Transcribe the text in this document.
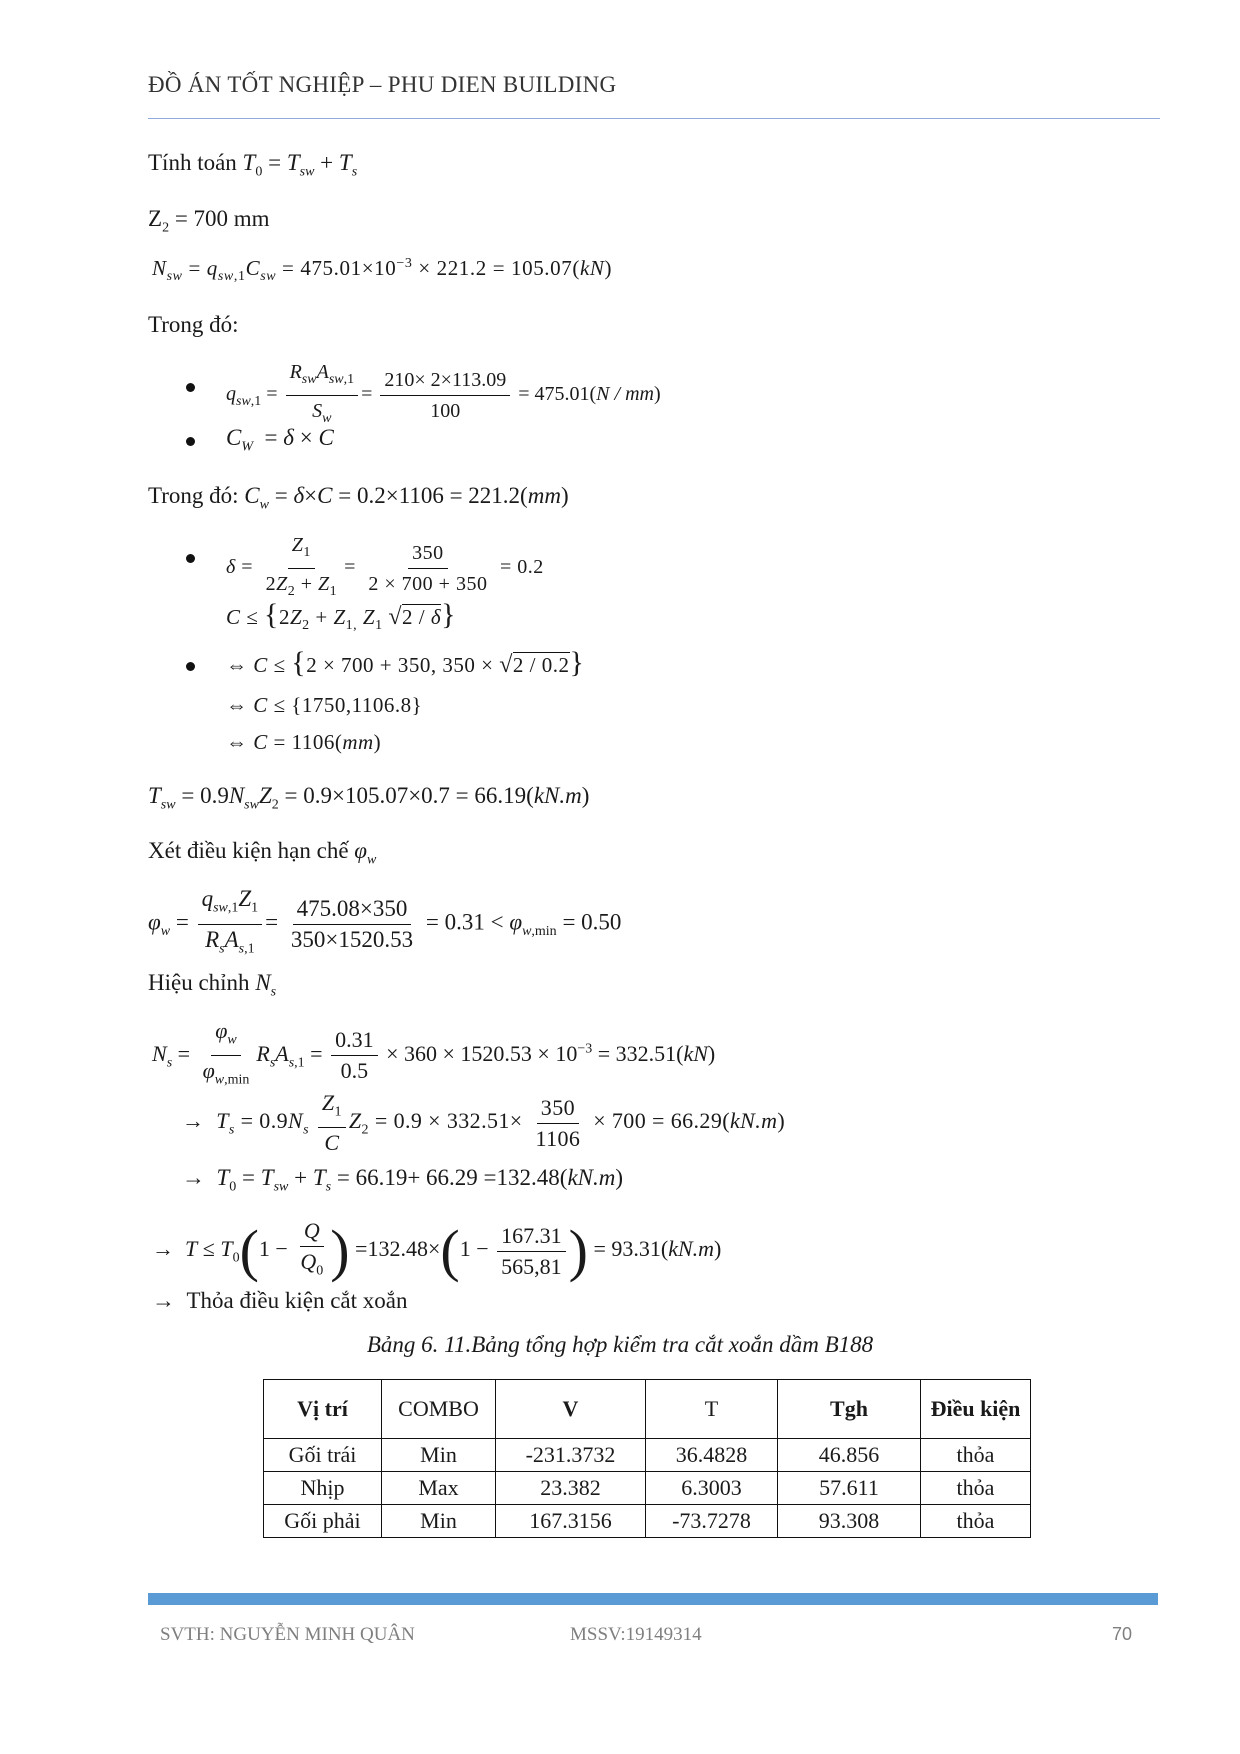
ĐỒ ÁN TỐT NGHIỆP – PHU DIEN BUILDING
Tính toán $T_0 = T_{sw} + T_s$
$Z_2 = 700$ mm
$N_{sw} = q_{sw,1}C_{sw} = 475.01\times 10^{-3} \times 221.2 = 105.07(kN)$
Trong đó:
$q_{sw,1} = \frac{R_{sw}A_{sw,1}}{S_w} = \frac{210\times 2\times 113.09}{100} = 475.01(N / mm)$
$C_W = \delta \times C$
Trong đó: $C_w = \delta\times C = 0.2\times 1106 = 221.2(mm)$
$\delta = \frac{Z_1}{2Z_2 + Z_1} = \frac{350}{2 \times 700 + 350} = 0.2$
$C \le \{2Z_2 + Z_{1,}$ $Z_1$ √2 / δ}
⇔ C ≤ {2 × 700 + 350, 350 × √2 / 0.2}
⇔ C ≤ {1750,1106.8}
⇔ C = 1106(mm)
$T_{sw} = 0.9N_{sw}Z_2 = 0.9\times 105.07\times 0.7 = 66.19(kN.m)$
Xét điều kiện hạn chế $\varphi_w$
$\varphi_w = \frac{q_{sw,1}Z_1}{R_sA_{s,1}} = \frac{475.08\times 350}{350\times 1520.53} = 0.31 < \varphi_{w,min} = 0.50$
Hiệu chỉnh $N_s$
$N_s = \frac{\varphi_w}{\varphi_{w,min}} R_sA_{s,1} = \frac{0.31}{0.5} \times 360 \times 1520.53 \times 10^{-3} = 332.51(kN)$
→  $T_s = 0.9N_s \frac{Z_1}{C} Z_2 = 0.9 \times 332.51\times \frac{350}{1106} \times 700 = 66.29(kN.m)$
→  $T_0 = T_{sw} + T_s = 66.19+ 66.29 =132.48(kN.m)$
→  $T \le T_0(1 - \frac{Q}{Q_0}$ ) $=132.48\times(1 - \frac{167.31}{565,81}$ ) = 93.31(kN.m)
→  Thỏa điều kiện cắt xoắn
Bảng 6. 11.Bảng tổng hợp kiểm tra cắt xoắn dầm B188
Vị trí	COMBO	V	T	Tgh	Điều kiện
Gối trái	Min	-231.3732	36.4828	46.856	thỏa
Nhịp	Max	23.382	6.3003	57.611	thỏa
Gối phải	Min	167.3156	-73.7278	93.308	thỏa
SVTH: NGUYỄN MINH QUÂN	MSSV:19149314	70
